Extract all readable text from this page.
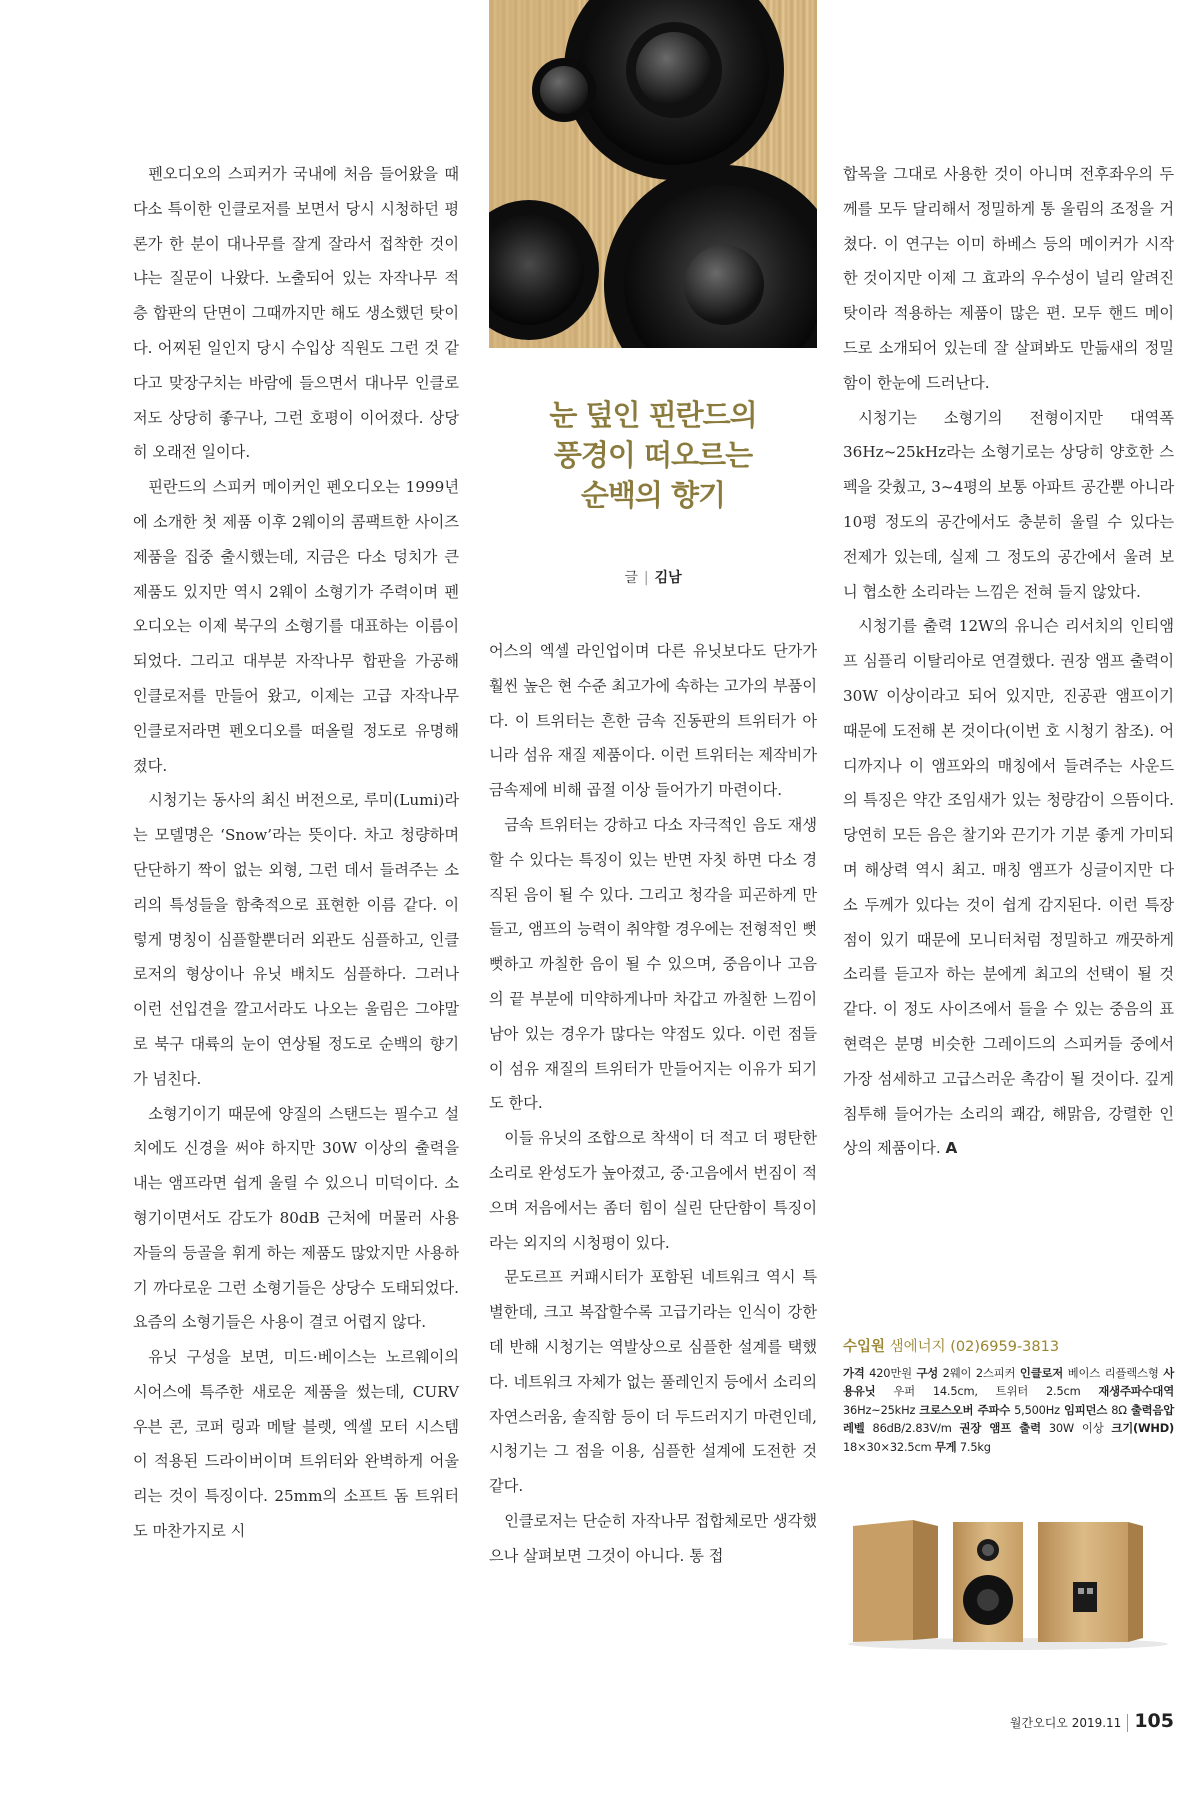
펜오디오의 스피커가 국내에 처음 들어왔을 때 다소 특이한 인클로저를 보면서 당시 시청하던 평론가 한 분이 대나무를 잘게 잘라서 접착한 것이냐는 질문이 나왔다. 노출되어 있는 자작나무 적층 합판의 단면이 그때까지만 해도 생소했던 탓이다. 어찌된 일인지 당시 수입상 직원도 그런 것 같다고 맞장구치는 바람에 들으면서 대나무 인클로저도 상당히 좋구나, 그런 호평이 이어졌다. 상당히 오래전 일이다.

핀란드의 스피커 메이커인 펜오디오는 1999년에 소개한 첫 제품 이후 2웨이의 콤팩트한 사이즈 제품을 집중 출시했는데, 지금은 다소 덩치가 큰 제품도 있지만 역시 2웨이 소형기가 주력이며 펜오디오는 이제 북구의 소형기를 대표하는 이름이 되었다. 그리고 대부분 자작나무 합판을 가공해 인클로저를 만들어 왔고, 이제는 고급 자작나무 인클로저라면 펜오디오를 떠올릴 정도로 유명해졌다.

시청기는 동사의 최신 버전으로, 루미(Lumi)라는 모델명은 ‘Snow’라는 뜻이다. 차고 청량하며 단단하기 짝이 없는 외형, 그런 데서 들려주는 소리의 특성들을 함축적으로 표현한 이름 같다. 이렇게 명칭이 심플할뿐더러 외관도 심플하고, 인클로저의 형상이나 유닛 배치도 심플하다. 그러나 이런 선입견을 깔고서라도 나오는 울림은 그야말로 북구 대륙의 눈이 연상될 정도로 순백의 향기가 넘친다.

소형기이기 때문에 양질의 스탠드는 필수고 설치에도 신경을 써야 하지만 30W 이상의 출력을 내는 앰프라면 쉽게 울릴 수 있으니 미덕이다. 소형기이면서도 감도가 80dB 근처에 머물러 사용자들의 등골을 휘게 하는 제품도 많았지만 사용하기 까다로운 그런 소형기들은 상당수 도태되었다. 요즘의 소형기들은 사용이 결코 어렵지 않다.

유닛 구성을 보면, 미드·베이스는 노르웨이의 시어스에 특주한 새로운 제품을 썼는데, CURV 우븐 콘, 코퍼 링과 메탈 블렛, 엑셀 모터 시스템이 적용된 드라이버이며 트위터와 완벽하게 어울리는 것이 특징이다. 25mm의 소프트 돔 트위터도 마찬가지로 시

눈 덮인 핀란드의
풍경이 떠오르는
순백의 향기
글 | 김남

어스의 엑셀 라인업이며 다른 유닛보다도 단가가 훨씬 높은 현 수준 최고가에 속하는 고가의 부품이다. 이 트위터는 흔한 금속 진동판의 트위터가 아니라 섬유 재질 제품이다. 이런 트위터는 제작비가 금속제에 비해 곱절 이상 들어가기 마련이다.

금속 트위터는 강하고 다소 자극적인 음도 재생할 수 있다는 특징이 있는 반면 자칫 하면 다소 경직된 음이 될 수 있다. 그리고 청각을 피곤하게 만들고, 앰프의 능력이 취약할 경우에는 전형적인 뻣뻣하고 까칠한 음이 될 수 있으며, 중음이나 고음의 끝 부분에 미약하게나마 차갑고 까칠한 느낌이 남아 있는 경우가 많다는 약점도 있다. 이런 점들이 섬유 재질의 트위터가 만들어지는 이유가 되기도 한다.

이들 유닛의 조합으로 착색이 더 적고 더 평탄한 소리로 완성도가 높아졌고, 중·고음에서 번짐이 적으며 저음에서는 좀더 힘이 실린 단단함이 특징이라는 외지의 시청평이 있다.

문도르프 커패시터가 포함된 네트워크 역시 특별한데, 크고 복잡할수록 고급기라는 인식이 강한데 반해 시청기는 역발상으로 심플한 설계를 택했다. 네트워크 자체가 없는 풀레인지 등에서 소리의 자연스러움, 솔직함 등이 더 두드러지기 마련인데, 시청기는 그 점을 이용, 심플한 설계에 도전한 것 같다.

인클로저는 단순히 자작나무 접합체로만 생각했으나 살펴보면 그것이 아니다. 통 접

합목을 그대로 사용한 것이 아니며 전후좌우의 두께를 모두 달리해서 정밀하게 통 울림의 조정을 거쳤다. 이 연구는 이미 하베스 등의 메이커가 시작한 것이지만 이제 그 효과의 우수성이 널리 알려진 탓이라 적용하는 제품이 많은 편. 모두 핸드 메이드로 소개되어 있는데 잘 살펴봐도 만듦새의 정밀함이 한눈에 드러난다.

시청기는 소형기의 전형이지만 대역폭 36Hz~25kHz라는 소형기로는 상당히 양호한 스펙을 갖췄고, 3~4평의 보통 아파트 공간뿐 아니라 10평 정도의 공간에서도 충분히 울릴 수 있다는 전제가 있는데, 실제 그 정도의 공간에서 울려 보니 협소한 소리라는 느낌은 전혀 들지 않았다.

시청기를 출력 12W의 유니슨 리서치의 인티앰프 심플리 이탈리아로 연결했다. 권장 앰프 출력이 30W 이상이라고 되어 있지만, 진공관 앰프이기 때문에 도전해 본 것이다(이번 호 시청기 참조). 어디까지나 이 앰프와의 매칭에서 들려주는 사운드의 특징은 약간 조임새가 있는 청량감이 으뜸이다. 당연히 모든 음은 찰기와 끈기가 기분 좋게 가미되며 해상력 역시 최고. 매칭 앰프가 싱글이지만 다소 두께가 있다는 것이 쉽게 감지된다. 이런 특장점이 있기 때문에 모니터처럼 정밀하고 깨끗하게 소리를 듣고자 하는 분에게 최고의 선택이 될 것 같다. 이 정도 사이즈에서 들을 수 있는 중음의 표현력은 분명 비슷한 그레이드의 스피커들 중에서 가장 섬세하고 고급스러운 촉감이 될 것이다. 깊게 침투해 들어가는 소리의 쾌감, 해맑음, 강렬한 인상의 제품이다. A

수입원 샘에너지 (02)6959-3813
가격 420만원 구성 2웨이 2스피커 인클로저 베이스 리플렉스형 사용유닛 우퍼 14.5cm, 트위터 2.5cm 재생주파수대역 36Hz~25kHz 크로스오버 주파수 5,500Hz 임피던스 8Ω 출력음압레벨 86dB/2.83V/m 권장 앰프 출력 30W 이상 크기(WHD) 18×30×32.5cm 무게 7.5kg
월간오디오 2019.11 105
